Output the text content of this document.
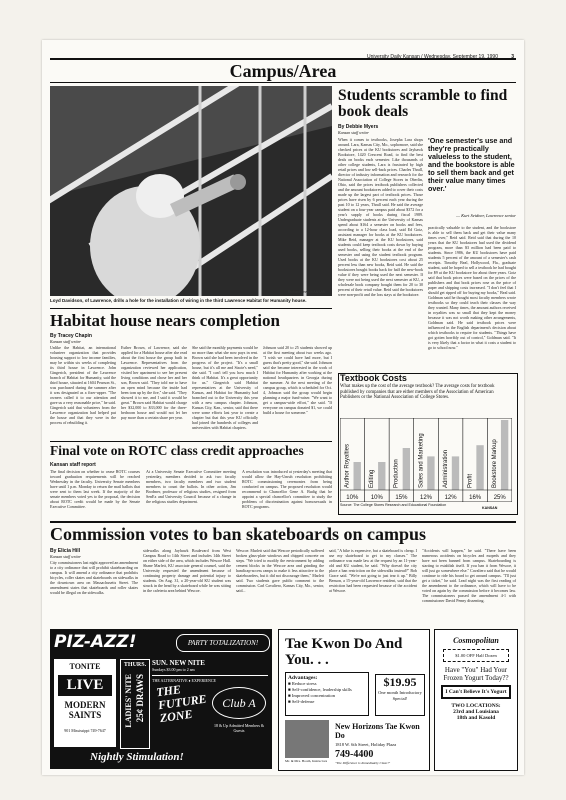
University Daily Kansan / Wednesday, September 19, 1990	3
Campus/Area
Richard Lewis/KANSAN
Loyd Davidson, of Lawrence, drills a hole for the installation of wiring in the third Lawrence Habitat for Humanity house.
Habitat house nears completion
By Tracey Chapin
Kansan staff writer
Unlike the Habitat, an international volunteer organization that provides housing support to low income families, may be within six weeks of completing its third house in Lawrence. John Gingerich, president of the Lawrence branch of Habitat for Humanity, said the third house, situated at 1604 Pearson St., was purchased during the summer after it was designated as a fixer-upper. "The owners called it to our attention and gave us a very reasonable price," he said. Gingerich said that volunteers from the Lawrence organization had helped put the house and that they were in the process of rebuilding it.
Esther Brown, of Lawrence, said she applied for a Habitat house after she read about the first house the group built in Lawrence. Representatives from the organization reviewed her application, visited her apartment to see her present living conditions and chose her and her son, Brown said. "They told me to have an open mind because the inside had been torn up by the fire," she said. "They showed it to me, and I said it would be great." Brown said Habitat would charge her $32,000 to $33,000 for the three-bedroom house and would not let her pay more than a certain share per year.
She said the monthly payments would be no more than what she now pays in rent. Brown said she had been involved in the progress of the project. "It's a small house, but it's all me and Stacie's need," she said. "I can't tell you how much I think of Habitat. It's a great opportunity for us." Gingerich said Habitat representatives at the University of Kansas, and Habitat for Humanity had branched out to the University this year with a new campus chapter. Johnson, Kansas City, Kan., senior, said that there were some efforts last year to create a chapter but that this year KU officially had joined the hundreds of colleges and universities with Habitat chapters.
Johnson said 20 to 25 students showed up at the first meeting about two weeks ago. "I wish we could have had more, but I guess that's pretty good," she said. Johnson said she became interested in the work of Habitat for Humanity after working at the national headquarters in Georgia during the summer. At the next meeting of the campus group, which is scheduled for Oct. 4, Johnson said the group would begin planning a major fund-raiser. "We want to get a campus-wide effort," she said. "If everyone on campus donated $1, we could build a house for someone."
Final vote on ROTC class credit approaches
Kansan staff report
The final decision on whether to cease ROTC courses toward graduation requirements will be reached Wednesday in the faculty. University Senate members have until 1 p.m. Monday to return the mail ballots that were sent to them last week. If the majority of the senate members voted yes to the proposal, the decision about ROTC credit would be made by the Senate Executive Committee.
At a University Senate Executive Committee meeting yesterday, members decided to ask two faculty members, two faculty members and two student members to count the ballots. In other action, Jim Brodmer, professor of religious studies, resigned from SenEx and University Council because of a change in the religious studies department.
A resolution was introduced at yesterday's meeting that would allow the Hay-Unruh resolution prohibiting ROTC commissioning ceremonies from being conducted on campus. The proposed resolution would recommend to Chancellor Gene A. Budig that he appoint a special chancellor's committee to study the problems of discrimination against homosexuals in ROTC programs.
Students scramble to find book deals
By Debbie Myers
Kansan staff writer
When it comes to textbooks, Josepha Lara shops around. Lara, Kansas City, Mo., sophomore, said she checked prices at the KU bookstores and Jayhawk Bookstore, 1420 Crescent Road, to find the best deals on books each semester. Like thousands of other college students, Lara is frustrated by high retail prices and low sell-back prices. Charles Thrall, director of industry information and research for the National Association of College Stores in Oberlin, Ohio, said the prices textbook publishers collected and the amount bookstores added to cover their costs made up the largest part of textbook prices. Those prices have risen by 6 percent each year during the past 10 to 12 years, Thrall said. He said the average student on a four-year campus paid about $372 for a year's supply of books during fiscal 1989. Undergraduate students at the University of Kansas spend about $164 a semester on books and fees, according to a 12-hour class load, said Ed Gotz, assistant manager for books at the KU bookstores. Mike Reid, manager at the KU bookstores, said students could keep textbook costs down by buying used books, selling their books at the end of the semester and using the student textbook program. Used books at the KU bookstores cost about 25 percent less than new books, Reid said. He said the bookstores bought books back for half the new-book value if they were being used the next semester. If they were not being used the next semester at KU, a wholesale book company bought them for 20 to 30 percent of their retail value. Reid said the bookstores were non-profit and the loss stays at the bookstore.
'One semester's use and they're practically valueless to the student, and the bookstore is able to sell them back and get their value many times over.'
— Kurt Seidner, Lawrence senior
practically valuable to the student, and the bookstore is able to sell them back and get their value many times over," Reid said. Reid said that during the 10 years that the KU bookstores had used the dividend program, more than $3 million had been paid to students. Since 1986, the KU bookstores have paid students 5 percent of the amount of a semester's cash receipts. Timothy Beal, Hollywood, Fla., graduate student, said he hoped to sell a textbook he had bought for $9 at the KU bookstore for about three years. Gotz said that book prices were based on the prices of the publishers and that book prices rose as the price of paper and shipping costs increased. "I don't feel that I should get ripped off for buying my books," Beal said. Goldman said he thought most faculty members wrote textbooks so they could teach their classes the way they wanted. Many times, the amount authors received in royalties was so small that they kept the money because it was not worth making other arrangements, Goldman said. He said textbook prices were influenced in the English department's decision about which textbooks to require for students. "Things have got gotten horribly out of control," Goldman said. "It is very likely that a factor in what it costs a student to go to school now."
Textbook Costs
What makes up the cost of the average textbook? The average costs for textbook published by companies that are either members of the Association of American Publishers or the National Association of College Stores.
Author Royalties
10%
Editing
10%
Production
15%
Sales and Marketing
12%
Administration
12%
Profit
16%
Bookstore Markup
25%
Source: The College Stores Research and Educational Foundation
KANSAN
Commission votes to ban skateboards on campus
By Elicia Hill
Kansan staff writer
City commissioners last night approved an amendment to a city ordinance that will prohibit skateboarding on campus. It will amend a city ordinance that prohibits bicycles, roller skates and skateboards on sidewalks in the downtown area on Massachusetts Street. The amendment states that skateboards and roller skates would be illegal on the sidewalks.
sidewalks along Jayhawk Boulevard from West Campus Road to 14th Street and includes 14th Street on either side of the area, which includes Wescoe Hall. Shane Marlett, KU associate general counsel, said the University requested the amendment because of continuing property damage and potential injury to students. On Aug. 31, a 20-year-old KU student was struck in the head by a skateboard while he was sitting in the cafeteria area behind Wescoe.
Wescoe. Marlett said that Wescoe periodically suffered broken glass-plate windows and chipped concrete on steps. "We tried to modify the environment by adding cement blocks in the Wescoe area and grinding the handicap-access ramps to make it less attractive to the skateboarders, but it did not discourage them," Marlett said. Two students gave public comment to the commission. Carl Cavaliero, Kansas City, Mo., senior, said...
said, "A bike is expensive, but a skateboard is cheap. I use my skateboard to get to my classes." The ordinance was made law at the request by an 11-year-old and KU student, he said. "Why doesn't the city place a ban restriction on the sidewalks instead?" Bob Grace said. "We're not going to just tear it up." Billy Benson, a 15-year-old Lawrence resident, said that the restriction had been requested because of the accident at Wescoe.
"Accidents will happen," he said. "There have been numerous accidents on bicycles and mopeds and they have not been banned from campus. Skateboarding is starting to establish itself. If you ban it from Wescoe, it will just go somewhere else." Cavaliero said that he would continue to ride his board to get around campus. "I'll just get a ticket," he said. Lead night was the first reading of the amendment to the ordinance, which will have to be voted on again by the commission before it becomes law. The commissioners passed the amendment 4-1 with commissioner David Penny dissenting.
PIZ-AZZ!	PARTY TOTALIZATION!
TONITE
LIVE
MODERN SAINTS
901 Mississippi 749-7647
THURS.
LADIES' NITE 25¢ DRAWS
SUN. NEW NITE
Sundays $3.00 pm to 2 am
THE ALTERNATIVE ♦ EXPERIENCE
THE FUTURE ZONE
Club A
18 & Up Admitted Members & Guests
Nightly Stimulation!
Tae Kwon Do And You. . .
Advantages:
■ Reduce stress
■ Self-confidence, leadership skills
■ Improved concentration
■ Self-defense
$19.95
One month Introductory Special!
Mr. & Mrs. Booth, Instructors
New Horizons Tae Kwon Do
1818 W. 6th Street, Holiday Plaza
749-4400
"The Difference is Immediately Clear!"
Cosmopolitan
$1.00 OFF Half Dozen
Have "You" Had Your Frozen Yogurt Today??
I Can't Believe It's Yogurt
TWO LOCATIONS:
23rd and Louisiana
18th and Kasold
